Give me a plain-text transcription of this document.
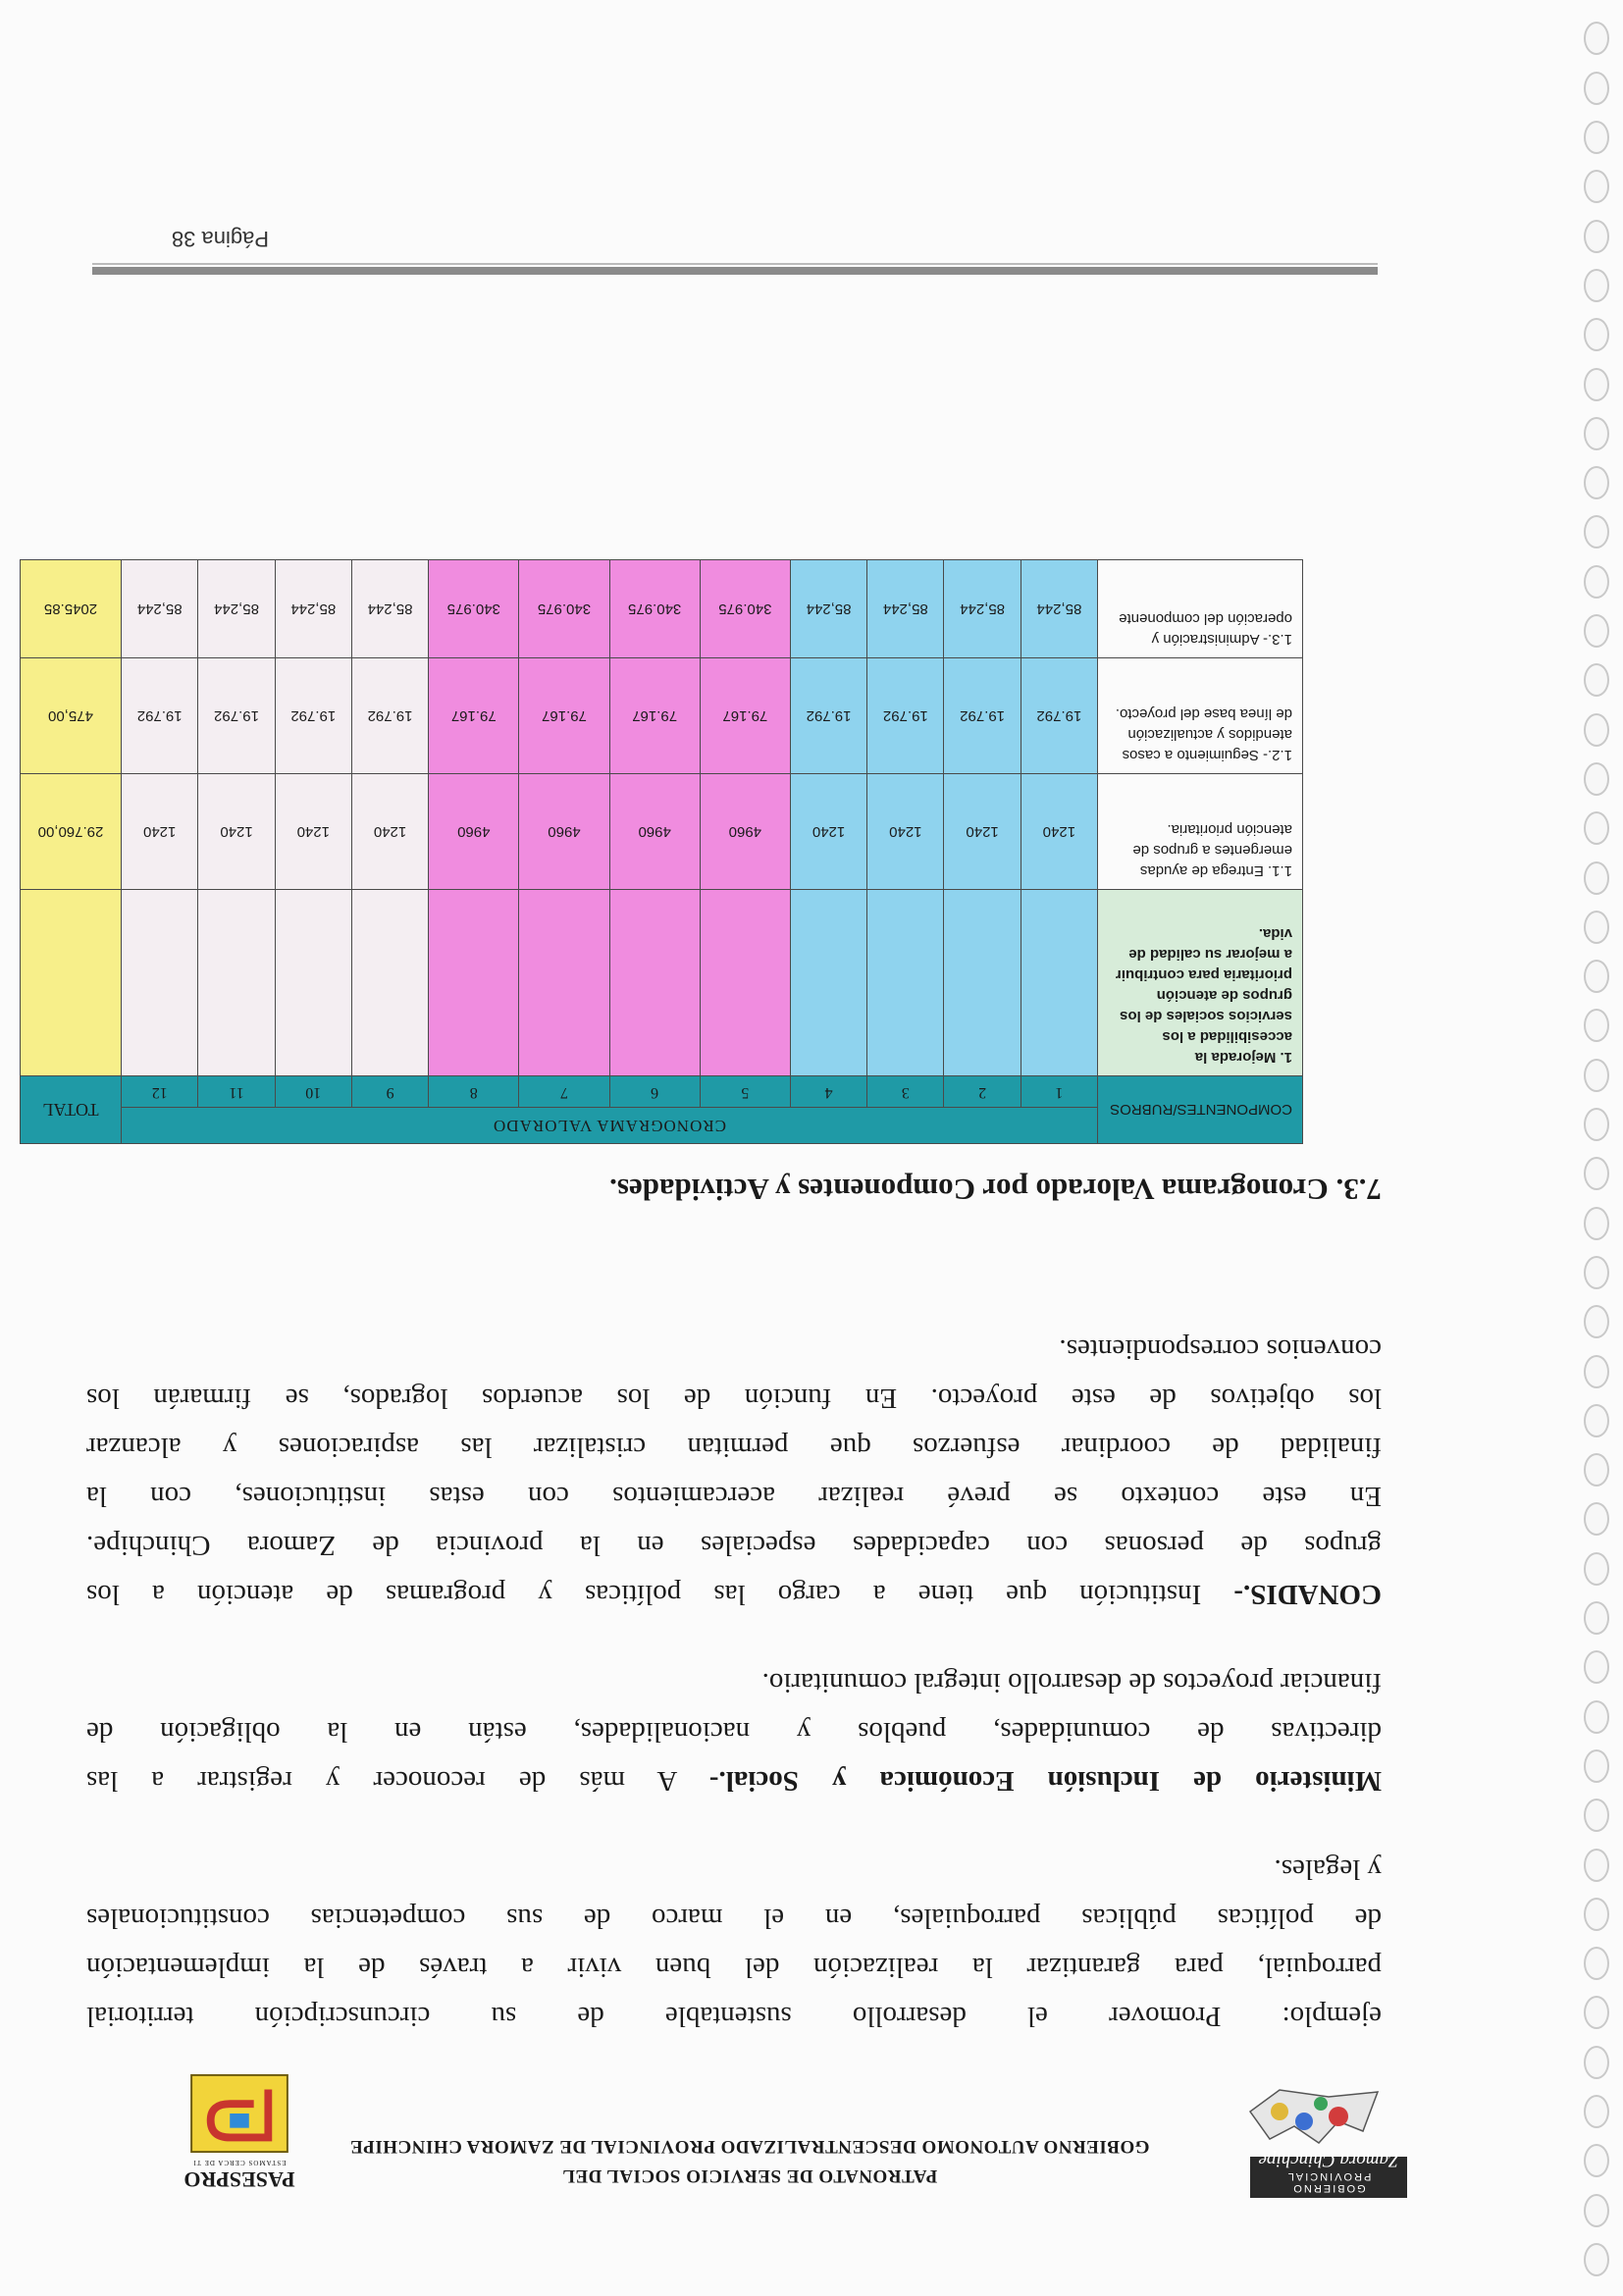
GOBIERNO PROVINCIAL
Zamora Chinchipe
PATRONATO DE SERVICIO SOCIAL DEL
GOBIERNO AUTONOMO DESCENTRALIZADO PROVINCIAL DE ZAMORA CHINCHIPE
PASESPRO
ESTAMOS CERCA DE TI

ejemplo: Promover el desarrollo sustentable de su circunscripción territorial
parroquial, para garantizar la realización del buen vivir a través de la implementación
de políticas públicas parroquiales, en el marco de sus competencias constitucionales
y legales.

Ministerio de Inclusión Económica y Social.- A más de reconocer y registrar a las
directivas de comunidades, pueblos y nacionalidades, están en la obligación de
financiar proyectos de desarrollo integral comunitario.

CONADIS.- Institución que tiene a cargo las políticas y programas de atención a los
grupos de personas con capacidades especiales en la provincia de Zamora Chinchipe.
En este contexto se prevé realizar acercamientos con estas instituciones, con la
finalidad de coordinar esfuerzos que permitan cristalizar las aspiraciones y alcanzar
los objetivos de este proyecto. En función de los acuerdos logrados, se firmarán los
convenios correspondientes.

7.3. Cronograma Valorado por Componentes y Actividades.
COMPONENTES/RUBROS	CRONOGRAMA VALORADO												TOTAL
	1	2	3	4	5	6	7	8	9	10	11	12	
1. Mejorada la accesibilidad a los servicios sociales de los grupos de atención prioritaria para contribuir a mejorar su calidad de vida.													
1.1. Entrega de ayudas emergentes a grupos de atención prioritaria.	1240	1240	1240	1240	4960	4960	4960	4960	1240	1240	1240	1240	29.760,00
1.2.- Seguimiento a casos atendidos y actualización de línea base del proyecto.	19.792	19.792	19.792	19.792	79.167	79.167	79.167	79.167	19.792	19.792	19.792	19.792	475,00
1.3.- Administración y operación del componente	85,244	85,244	85,244	85,244	340.975	340.975	340.975	340.975	85,244	85,244	85,244	85,244	2045.85
Página 38
